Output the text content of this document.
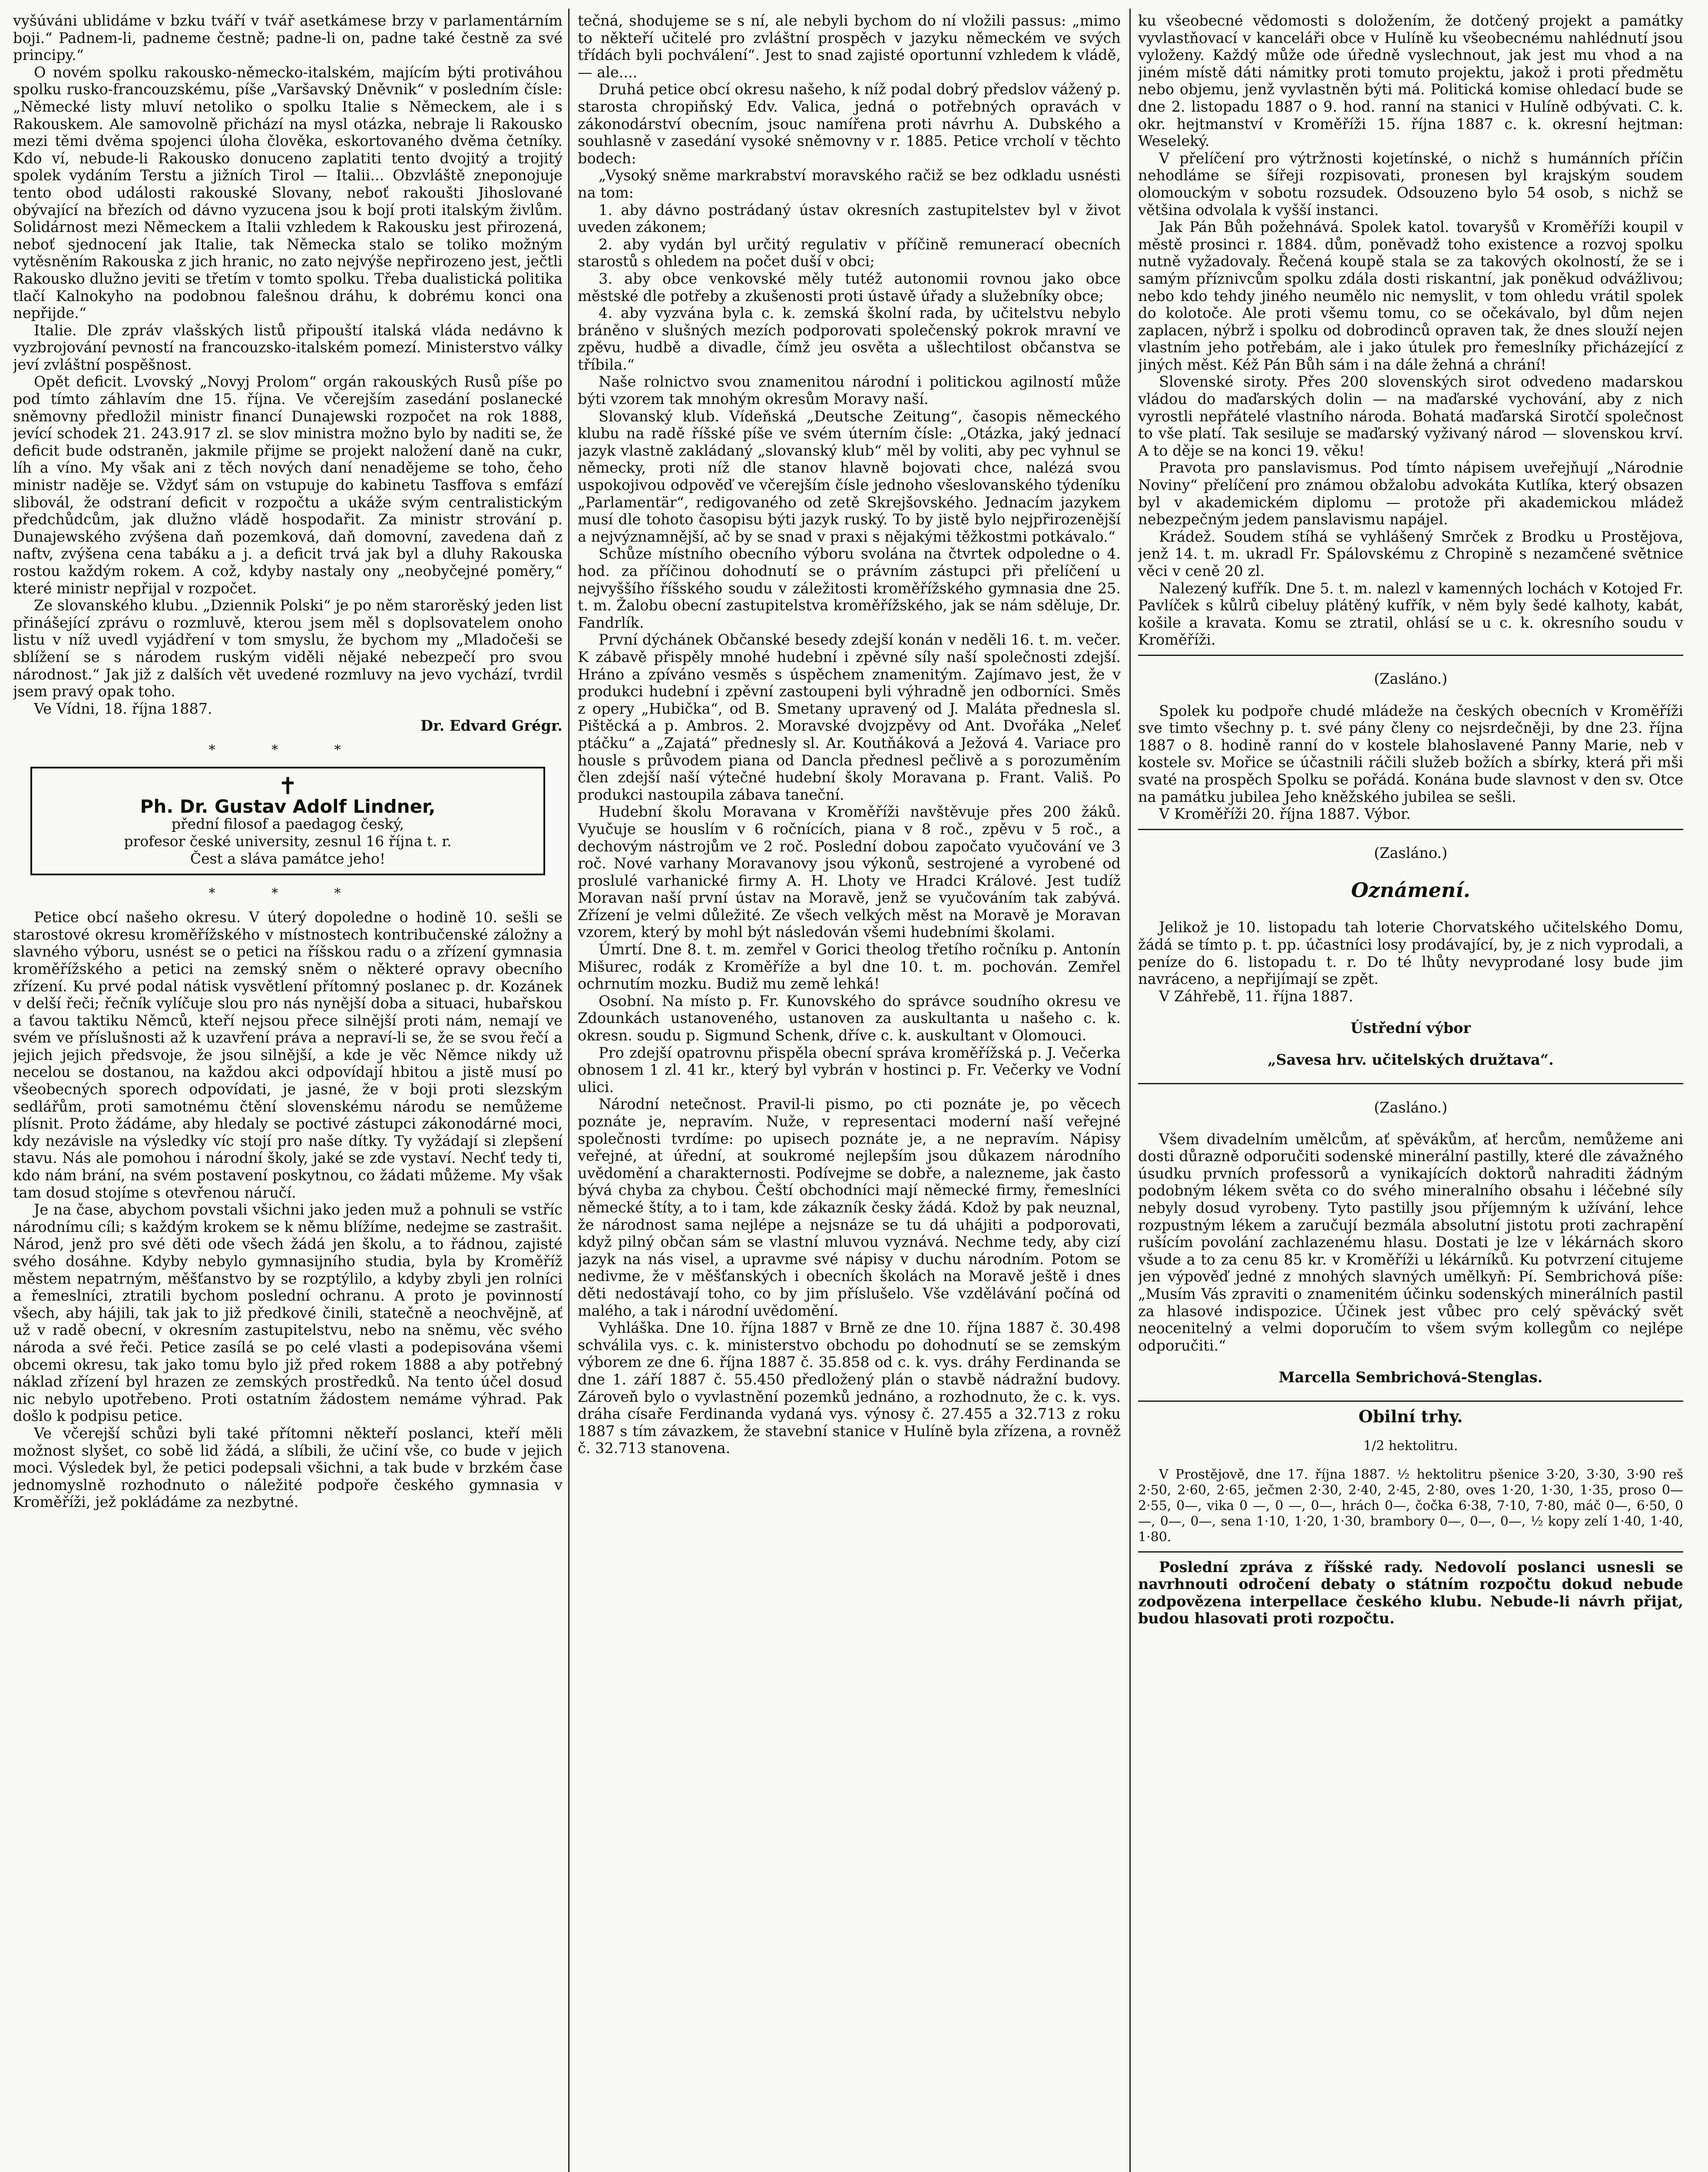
vyšúváni ublidáme v bzku tváří v tvář asetkámese brzy v parlamentárním boji.“ Padnem-li, padneme čestně; padne-li on, padne také čestně za své principy.“

O novém spolku rakousko-německo-italském, majícím býti protiváhou spolku rusko-francouzskému, píše „Varšavský Dněvnik“ v posledním čísle: „Německé listy mluví netoliko o spolku Italie s Německem, ale i s Rakouskem. Ale samovolně přichází na mysl otázka, nebraje li Rakousko mezi těmi dvěma spojenci úloha člověka, eskortovaného dvěma četníky. Kdo ví, nebude-li Rakousko donuceno zaplatiti tento dvojitý a trojitý spolek vydáním Terstu a jižních Tirol — Italii... Obzvláště zneponojuje tento obod události rakouské Slovany, neboť rakoušti Jihoslované obývající na březích od dávno vyzucena jsou k bojí proti italským živlům. Solidárnost mezi Německem a Italii vzhledem k Rakousku jest přirozená, neboť sjednocení jak Italie, tak Německa stalo se toliko možným vytěsněním Rakouska z jich hranic, no zato nejvýše nepřirozeno jest, ječtli Rakousko dlužno jeviti se třetím v tomto spolku. Třeba dualistická politika tlačí Kalnokyho na podobnou falešnou dráhu, k dobrému konci ona nepřijde.“

Italie. Dle zpráv vlašských listů připouští italská vláda nedávno k vyzbrojování pevností na francouzsko-italském pomezí. Ministerstvo války jeví zvláštní pospěšnost.

Opět deficit. Lvovský „Novyj Prolom“ orgán rakouských Rusů píše po pod tímto záhlavím dne 15. října. Ve včerejším zasedání poslanecké sněmovny předložil ministr financí Dunajewski rozpočet na rok 1888, jevící schodek 21. 243.917 zl. se slov ministra možno bylo by naditi se, že deficit bude odstraněn, jakmile přijme se projekt naložení daně na cukr, líh a víno. My však ani z těch nových daní nenadějeme se toho, čeho ministr naděje se. Vždyť sám on vstupuje do kabinetu Tasffova s emfází slibovál, že odstraní deficit v rozpočtu a ukáže svým centralistickým předchůdcům, jak dlužno vládě hospodařit. Za ministr strování p. Dunajewského zvýšena daň pozemková, daň domovní, zavedena daň z naftv, zvýšena cena tabáku a j. a deficit trvá jak byl a dluhy Rakouska rostou každým rokem. A což, kdyby nastaly ony „neobyčejné poměry,“ které ministr nepřijal v rozpočet.

Ze slovanského klubu. „Dziennik Polski“ je po něm starorěský jeden list přinášející zprávu o rozmluvě, kterou jsem měl s doplsovatelem onoho listu v níž uvedl vyjádření v tom smyslu, že bychom my „Mladočeši se sblížení se s národem ruským viděli nějaké nebezpečí pro svou národnost.“ Jak již z dalších vět uvedené rozmluvy na jevo vychází, tvrdil jsem pravý opak toho.

Ve Vídni, 18. října 1887.

Dr. Edvard Grégr.

* * *
✝
Ph. Dr. Gustav Adolf Lindner,
přední filosof a paedagog český,
profesor české university, zesnul 16 října t. r.
Čest a sláva památce jeho!
* * *

Petice obcí našeho okresu. V úterý dopoledne o hodině 10. sešli se starostové okresu kroměřížského v místnostech kontribučenské záložny a slavného výboru, usnést se o petici na říšskou radu o a zřízení gymnasia kroměřížského a petici na zemský sněm o některé opravy obecního zřízení. Ku prvé podal nátisk vysvětlení přítomný poslanec p. dr. Kozánek v delší řeči; řečník vylíčuje slou pro nás nynější doba a situaci, hubařskou a ťavou taktiku Němců, kteří nejsou přece silnější proti nám, nemají ve svém ve příslušnosti až k uzavření práva a nepraví-li se, že se svou řečí a jejich jejich předsvoje, že jsou silnější, a kde je věc Němce nikdy už necelou se dostanou, na každou akci odpovídají hbitou a jistě musí po všeobecných sporech odpovídati, je jasné, že v boji proti slezským sedlářům, proti samotnému čtění slovenskému národu se nemůžeme plísnit. Proto žádáme, aby hledaly se poctivé zástupci zákonodárné moci, kdy nezávisle na výsledky víc stojí pro naše dítky. Ty vyžádají si zlepšení stavu. Nás ale pomohou i národní školy, jaké se zde vystaví. Nechť tedy ti, kdo nám brání, na svém postavení poskytnou, co žádati můžeme. My však tam dosud stojíme s otevřenou náručí.

Je na čase, abychom povstali všichni jako jeden muž a pohnuli se vstříc národnímu cíli; s každým krokem se k němu blížíme, nedejme se zastrašit. Národ, jenž pro své děti ode všech žádá jen školu, a to řádnou, zajisté svého dosáhne. Kdyby nebylo gymnasijního studia, byla by Kroměříž městem nepatrným, měšťanstvo by se rozptýlilo, a kdyby zbyli jen rolníci a řemeslníci, ztratili bychom poslední ochranu. A proto je povinností všech, aby hájili, tak jak to již předkové činili, statečně a neochvějně, ať už v radě obecní, v okresním zastupitelstvu, nebo na sněmu, věc svého národa a své řeči. Petice zasílá se po celé vlasti a podepisována všemi obcemi okresu, tak jako tomu bylo již před rokem 1888 a aby potřebný náklad zřízení byl hrazen ze zemských prostředků. Na tento účel dosud nic nebylo upotřebeno. Proti ostatním žádostem nemáme výhrad. Pak došlo k podpisu petice.

Ve včerejší schůzi byli také přítomni někteří poslanci, kteří měli možnost slyšet, co sobě lid žádá, a slíbili, že učiní vše, co bude v jejich moci. Výsledek byl, že petici podepsali všichni, a tak bude v brzkém čase jednomyslně rozhodnuto o náležité podpoře českého gymnasia v Kroměříži, jež pokládáme za nezbytné.

tečná, shodujeme se s ní, ale nebyli bychom do ní vložili passus: „mimo to někteří učitelé pro zvláštní prospěch v jazyku německém ve svých třídách byli pochválení“. Jest to snad zajisté oportunní vzhledem k vládě, — ale....

Druhá petice obcí okresu našeho, k níž podal dobrý předslov vážený p. starosta chropiňský Edv. Valica, jedná o potřebných opravách v zákonodárství obecním, jsouc namířena proti návrhu A. Dubského a souhlasně v zasedání vysoké sněmovny v r. 1885. Petice vrcholí v těchto bodech:

„Vysoký sněme markrabství moravského račiž se bez odkladu usnésti na tom:

1. aby dávno postrádaný ústav okresních zastupitelstev byl v život uveden zákonem;

2. aby vydán byl určitý regulativ v příčině remunerací obecních starostů s ohledem na počet duší v obci;

3. aby obce venkovské měly tutéž autonomii rovnou jako obce městské dle potřeby a zkušenosti proti ústavě úřady a služebníky obce;

4. aby vyzvána byla c. k. zemská školní rada, by učitelstvu nebylo bráněno v slušných mezích podporovati společenský pokrok mravní ve zpěvu, hudbě a divadle, čímž jeu osvěta a ušlechtilost občanstva se tříbila.“

Naše rolnictvo svou znamenitou národní i politickou agilností může býti vzorem tak mnohým okresům Moravy naší.

Slovanský klub. Vídeňská „Deutsche Zeitung“, časopis německého klubu na radě říšské píše ve svém úterním čísle: „Otázka, jaký jednací jazyk vlastně zakládaný „slovanský klub“ měl by voliti, aby pec vyhnul se německy, proti níž dle stanov hlavně bojovati chce, nalézá svou uspokojivou odpověď ve včerejším čísle jednoho všeslovanského týdeníku „Parlamentär“, redigovaného od zetě Skrejšovského. Jednacím jazykem musí dle tohoto časopisu býti jazyk ruský. To by jistě bylo nejpřirozenější a nejvýznamnější, ač by se snad v praxi s nějakými těžkostmi potkávalo.“

Schůze místního obecního výboru svolána na čtvrtek odpoledne o 4. hod. za příčinou dohodnutí se o právním zástupci při přelíčení u nejvyššího říšského soudu v záležitosti kroměřížského gymnasia dne 25. t. m. Žalobu obecní zastupitelstva kroměřížského, jak se nám sděluje, Dr. Fandrlík.

První dýchánek Občanské besedy zdejší konán v neděli 16. t. m. večer. K zábavě přispěly mnohé hudební i zpěvné síly naší společnosti zdejší. Hráno a zpíváno vesměs s úspěchem znamenitým. Zajímavo jest, že v produkci hudební i zpěvní zastoupeni byli výhradně jen odborníci. Směs z opery „Hubička“, od B. Smetany upravený od J. Maláta přednesla sl. Pištěcká a p. Ambros. 2. Moravské dvojzpěvy od Ant. Dvořáka „Neleť ptáčku“ a „Zajatá“ přednesly sl. Ar. Koutňáková a Ježová 4. Variace pro housle s průvodem piana od Dancla přednesl pečlivě a s porozuměním člen zdejší naší výtečné hudební školy Moravana p. Frant. Vališ. Po produkci nastoupila zábava taneční.

Hudební školu Moravana v Kroměříži navštěvuje přes 200 žáků. Vyučuje se houslím v 6 ročnících, piana v 8 roč., zpěvu v 5 roč., a dechovým nástrojům ve 2 roč. Poslední dobou započato vyučování ve 3 roč. Nové varhany Moravanovy jsou výkonů, sestrojené a vyrobené od proslulé varhanické firmy A. H. Lhoty ve Hradci Králové. Jest tudíž Moravan naší první ústav na Moravě, jenž se vyučováním tak zabývá. Zřízení je velmi důležité. Ze všech velkých měst na Moravě je Moravan vzorem, který by mohl být následován všemi hudebními školami.

Úmrtí. Dne 8. t. m. zemřel v Gorici theolog třetího ročníku p. Antonín Mišurec, rodák z Kroměříže a byl dne 10. t. m. pochován. Zemřel ochrnutím mozku. Budiž mu země lehká!

Osobní. Na místo p. Fr. Kunovského do správce soudního okresu ve Zdounkách ustanoveného, ustanoven za auskultanta u našeho c. k. okresn. soudu p. Sigmund Schenk, dříve c. k. auskultant v Olomouci.

Pro zdejší opatrovnu přispěla obecní správa kroměřížská p. J. Večerka obnosem 1 zl. 41 kr., který byl vybrán v hostinci p. Fr. Večerky ve Vodní ulici.

Národní netečnost. Pravil-li pismo, po cti poznáte je, po věcech poznáte je, nepravím. Nuže, v representaci moderní naší veřejné společnosti tvrdíme: po upisech poznáte je, a ne nepravím. Nápisy veřejné, at úřední, at soukromé nejlepším jsou důkazem národního uvědomění a charakternosti. Podívejme se dobře, a nalezneme, jak často bývá chyba za chybou. Čeští obchodníci mají německé firmy, řemeslníci německé štíty, a to i tam, kde zákazník česky žádá. Kdož by pak neuznal, že národnost sama nejlépe a nejsnáze se tu dá uhájiti a podporovati, když pilný občan sám se vlastní mluvou vyznává. Nechme tedy, aby cizí jazyk na nás visel, a upravme své nápisy v duchu národním. Potom se nedivme, že v měšťanských i obecních školách na Moravě ještě i dnes děti nedostávají toho, co by jim příslušelo. Vše vzdělávání počíná od malého, a tak i národní uvědomění.

Vyhláška. Dne 10. října 1887 v Brně ze dne 10. října 1887 č. 30.498 schválila vys. c. k. ministerstvo obchodu po dohodnutí se se zemským výborem ze dne 6. října 1887 č. 35.858 od c. k. vys. dráhy Ferdinanda se dne 1. září 1887 č. 55.450 předložený plán o stavbě nádražní budovy. Zároveň bylo o vyvlastnění pozemků jednáno, a rozhodnuto, že c. k. vys. dráha císaře Ferdinanda vydaná vys. výnosy č. 27.455 a 32.713 z roku 1887 s tím závazkem, že stavební stanice v Hulíně byla zřízena, a rovněž č. 32.713 stanovena.

ku všeobecné vědomosti s doložením, že dotčený projekt a památky vyvlastňovací v kanceláři obce v Hulíně ku všeobecnému nahlédnutí jsou vyloženy. Každý může ode úředně vyslechnout, jak jest mu vhod a na jiném místě dáti námitky proti tomuto projektu, jakož i proti předmětu nebo objemu, jenž vyvlastněn býti má. Politická komise ohledací bude se dne 2. listopadu 1887 o 9. hod. ranní na stanici v Hulíně odbývati. C. k. okr. hejtmanství v Kroměříži 15. října 1887 c. k. okresní hejtman: Weseleký.

V přelíčení pro výtržnosti kojetínské, o nichž s humánních příčin nehodláme se šířeji rozpisovati, pronesen byl krajským soudem olomouckým v sobotu rozsudek. Odsouzeno bylo 54 osob, s nichž se většina odvolala k vyšší instanci.

Jak Pán Bůh požehnává. Spolek katol. tovaryšů v Kroměříži koupil v městě prosinci r. 1884. dům, poněvadž toho existence a rozvoj spolku nutně vyžadovaly. Řečená koupě stala se za takových okolností, že se i samým příznivcům spolku zdála dosti riskantní, jak poněkud odvážlivou; nebo kdo tehdy jiného neumělo nic nemyslit, v tom ohledu vrátil spolek do kolotoče. Ale proti všemu tomu, co se očekávalo, byl dům nejen zaplacen, nýbrž i spolku od dobrodinců opraven tak, že dnes slouží nejen vlastním jeho potřebám, ale i jako útulek pro řemeslníky přicházející z jiných měst. Kéž Pán Bůh sám i na dále žehná a chrání!

Slovenské siroty. Přes 200 slovenských sirot odvedeno madarskou vládou do maďarských dolin — na maďarské vychování, aby z nich vyrostli nepřátelé vlastního národa. Bohatá maďarská Sirotčí společnost to vše platí. Tak sesiluje se maďarský vyživaný národ — slovenskou krví. A to děje se na konci 19. věku!

Pravota pro panslavismus. Pod tímto nápisem uveřejňují „Národnie Noviny“ přelíčení pro známou obžalobu advokáta Kutlíka, který obsazen byl v akademickém diplomu — protože při akademickou mládež nebezpečným jedem panslavismu napájel.

Krádež. Soudem stíhá se vyhlášený Smrček z Brodku u Prostějova, jenž 14. t. m. ukradl Fr. Spálovskému z Chropině s nezamčené světnice věci v ceně 20 zl.

Nalezený kufřík. Dne 5. t. m. nalezl v kamenných lochách v Kotojed Fr. Pavlíček s kůlrů cibeluy plátěný kufřík, v něm byly šedé kalhoty, kabát, košile a kravata. Komu se ztratil, ohlásí se u c. k. okresního soudu v Kroměříži.

(Zasláno.)

Spolek ku podpoře chudé mládeže na českých obecních v Kroměříži sve timto všechny p. t. své pány členy co nejsrdečněji, by dne 23. října 1887 o 8. hodině ranní do v kostele blahoslavené Panny Marie, neb v kostele sv. Mořice se účastnili ráčili služeb božích a sbírky, která při mši svaté na prospěch Spolku se pořádá. Konána bude slavnost v den sv. Otce na památku jubilea Jeho kněžského jubilea se sešli.

V Kroměříži 20. října 1887. Výbor.

(Zasláno.)

Oznámení.

Jelikož je 10. listopadu tah loterie Chorvatského učitelského Domu, žádá se tímto p. t. pp. účastníci losy prodávající, by, je z nich vyprodali, a peníze do 6. listopadu t. r. Do té lhůty nevyprodané losy bude jim navráceno, a nepřijímají se zpět.

V Záhřebě, 11. října 1887.

Ústřední výbor

„Savesa hrv. učitelských družtava“.

(Zasláno.)

Všem divadelním umělcům, ať spěvákům, ať hercům, nemůžeme ani dosti důrazně odporučiti sodenské minerální pastilly, které dle závažného úsudku prvních professorů a vynikajících doktorů nahraditi žádným podobným lékem světa co do svého mineralního obsahu i léčebné síly nebyly dosud vyrobeny. Tyto pastilly jsou příjemným k užívání, lehce rozpustným lékem a zaručují bezmála absolutní jistotu proti zachrapění rušícím povolání zachlazenému hlasu. Dostati je lze v lékárnách skoro všude a to za cenu 85 kr. v Kroměříži u lékárníků. Ku potvrzení citujeme jen výpověď jedné z mnohých slavných umělkyň: Pí. Sembrichová píše: „Musím Vás zpraviti o znamenitém účinku sodenských minerálních pastil za hlasové indispozice. Účinek jest vůbec pro celý spěvácký svět neocenitelný a velmi doporučím to všem svým kollegům co nejlépe odporučiti.“

Marcella Sembrichová-Stenglas.

Obilní trhy.

1/2 hektolitru.

V Prostějově, dne 17. října 1887. ½ hektolitru pšenice 3·20, 3·30, 3·90 reš 2·50, 2·60, 2·65, ječmen 2·30, 2·40, 2·45, 2·80, oves 1·20, 1·30, 1·35, proso 0— 2·55, 0—, vika 0 —, 0 —, 0—, hrách 0—, čočka 6·38, 7·10, 7·80, máč 0—, 6·50, 0—, 0—, 0—, sena 1·10, 1·20, 1·30, brambory 0—, 0—, 0—, ½ kopy zelí 1·40, 1·40, 1·80.

Poslední zpráva z říšské rady. Nedovolí poslanci usnesli se navrhnouti odročení debaty o státním rozpočtu dokud nebude zodpovězena interpellace českého klubu. Nebude-li návrh přijat, budou hlasovati proti rozpočtu.
